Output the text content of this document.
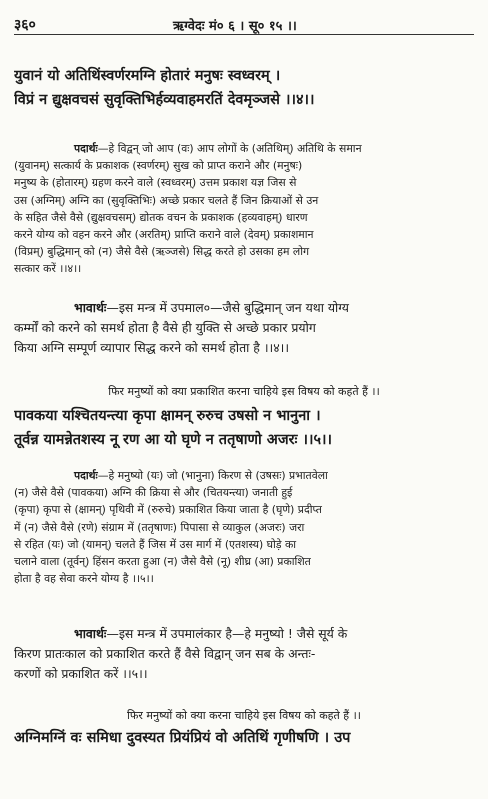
३६०	ऋग्वेदः मं० ६ । सू० १५ ।।
युवानं यो अतिथिंस्वर्णरमग्नि होतारं मनुषः स्वध्वरम् ।
विप्रं न द्युक्षवचसं सुवृक्तिभिर्हव्यवाहमरतिं देवमृञ्जसे ।।४।।
पदार्थः—हे विद्वन् जो आप (वः) आप लोगों के (अतिथिम्) अतिथि के समान
(युवानम्) सत्कार्य के प्रकाशक (स्वर्णरम्) सुख को प्राप्त कराने और (मनुषः)
मनुष्य के (होतारम्) ग्रहण करने वाले (स्वध्वरम्) उत्तम प्रकाश यज्ञ जिस से
उस (अग्निम्) अग्नि का (सुवृक्तिभिः) अच्छे प्रकार चलते हैं जिन क्रियाओं से उन
के सहित जैसे वैसे (द्युक्षवचसम्) द्योतक वचन के प्रकाशक (हव्यवाहम्) धारण
करने योग्य को वहन करने और (अरतिम्) प्राप्ति कराने वाले (देवम्) प्रकाशमान
(विप्रम्) बुद्धिमान् को (न) जैसे वैसे (ऋञ्जसे) सिद्ध करते हो उसका हम लोग
सत्कार करें ।।४।।
भावार्थः—इस मन्त्र में उपमाल०—जैसे बुद्धिमान् जन यथा योग्य
कर्म्मों को करने को समर्थ होता है वैसे ही युक्ति से अच्छे प्रकार प्रयोग
किया अग्नि सम्पूर्ण व्यापार सिद्ध करने को समर्थ होता है ।।४।।
फिर मनुष्यों को क्या प्रकाशित करना चाहिये इस विषय को कहते हैं ।।
पावकया यश्चितयन्त्या कृपा क्षामन् रुरुच उषसो न भानुना ।
तूर्वन्न यामन्नेतशस्य नू रण आ यो घृणे न ततृषाणो अजरः ।।५।।
पदार्थः—हे मनुष्यो (यः) जो (भानुना) किरण से (उषसः) प्रभातवेला
(न) जैसे वैसे (पावकया) अग्नि की क्रिया से और (चितयन्त्या) जनाती हुई
(कृपा) कृपा से (क्षामन्) पृथिवी में (रुरुचे) प्रकाशित किया जाता है (घृणे) प्रदीप्त
में (न) जैसे वैसे (रणे) संग्राम में (ततृषाणः) पिपासा से व्याकुल (अजरः) जरा
से रहित (यः) जो (यामन्) चलते हैं जिस में उस मार्ग में (एतशस्य) घोड़े का
चलाने वाला (तूर्वन्) हिंसन करता हुआ (न) जैसे वैसे (नू) शीघ्र (आ) प्रकाशित
होता है वह सेवा करने योग्य है ।।५।।
भावार्थः—इस मन्त्र में उपमालंकार है—हे मनुष्यो ! जैसे सूर्य के
किरण प्रातःकाल को प्रकाशित करते हैं वैसे विद्वान् जन सब के अन्तः-
करणों को प्रकाशित करें ।।५।।
फिर मनुष्यों को क्या करना चाहिये इस विषय को कहते हैं ।।
अग्निमग्निं वः समिधा दुवस्यत प्रियंप्रियं वो अतिथिं गृणीषणि । उप
